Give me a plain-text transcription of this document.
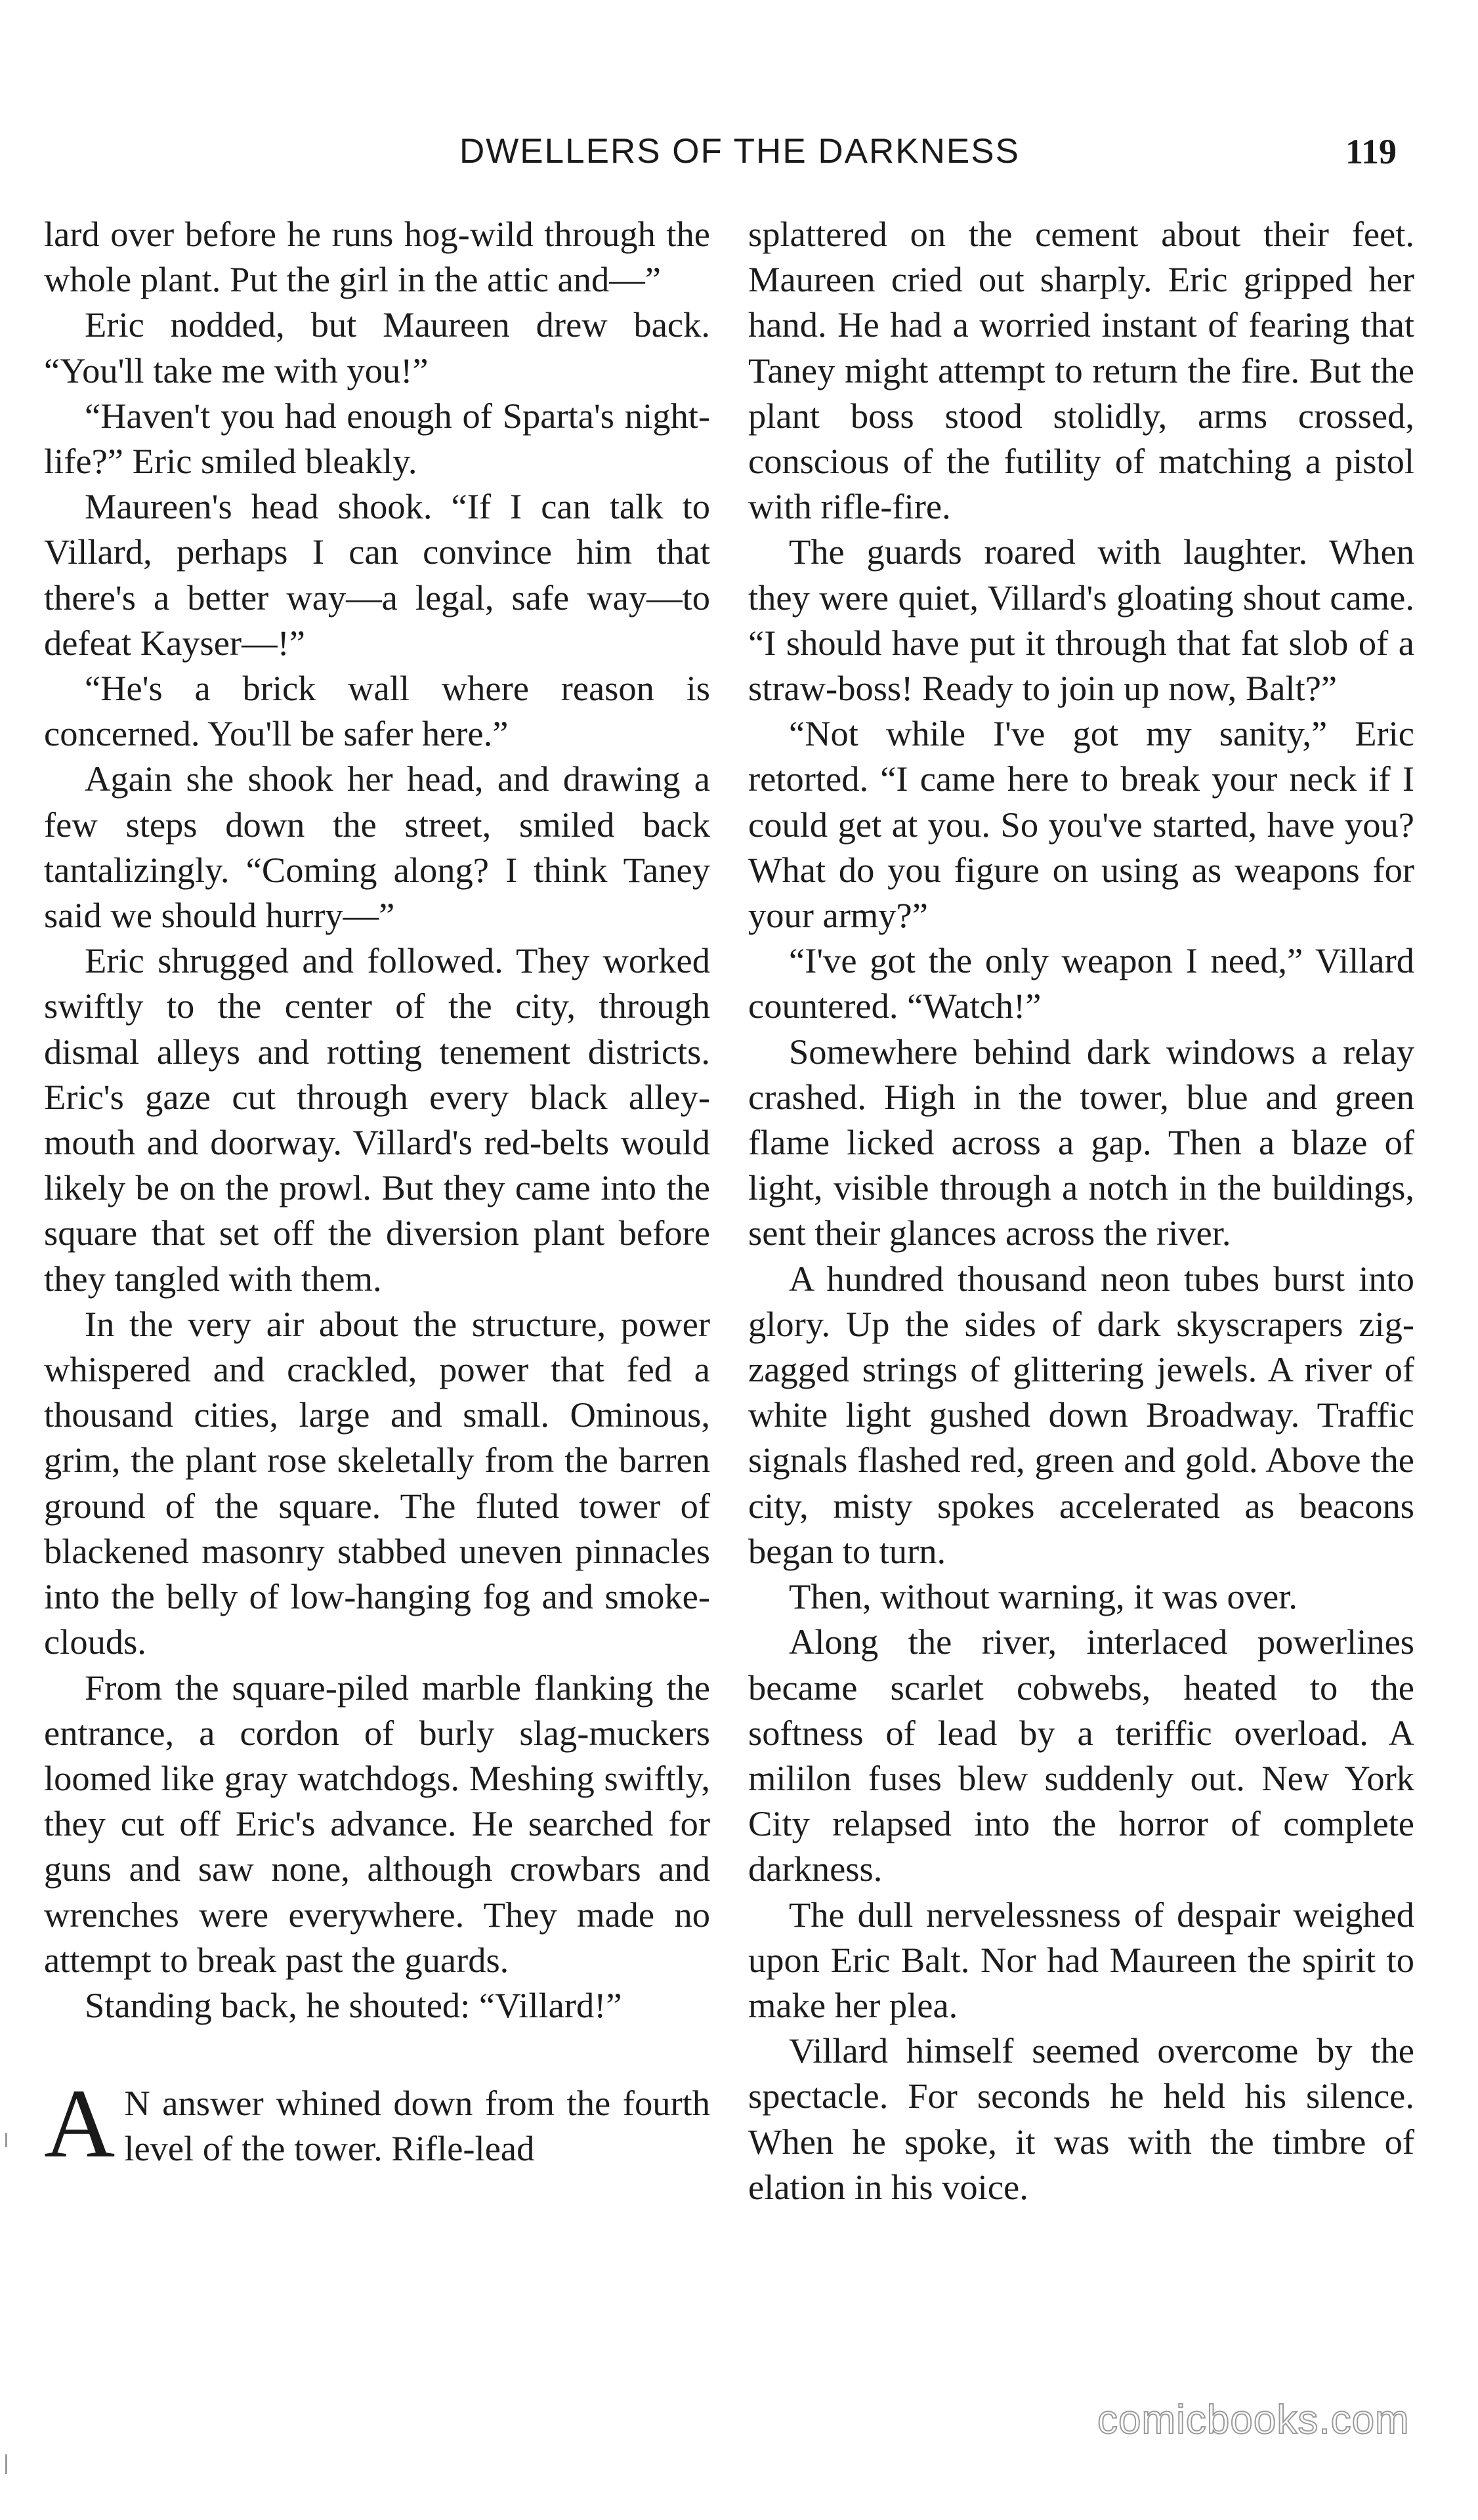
DWELLERS OF THE DARKNESS	119

lard over before he runs hog-wild through the whole plant. Put the girl in the attic and—”

Eric nodded, but Maureen drew back. “You'll take me with you!”

“Haven't you had enough of Sparta's night-life?” Eric smiled bleakly.

Maureen's head shook. “If I can talk to Villard, perhaps I can convince him that there's a better way—a legal, safe way—to defeat Kayser—!”

“He's a brick wall where reason is concerned. You'll be safer here.”

Again she shook her head, and drawing a few steps down the street, smiled back tantalizingly. “Coming along? I think Taney said we should hurry—”

Eric shrugged and followed. They worked swiftly to the center of the city, through dismal alleys and rotting tenement districts. Eric's gaze cut through every black alley-mouth and doorway. Villard's red-belts would likely be on the prowl. But they came into the square that set off the diversion plant before they tangled with them.

In the very air about the structure, power whispered and crackled, power that fed a thousand cities, large and small. Ominous, grim, the plant rose skeletally from the barren ground of the square. The fluted tower of blackened masonry stabbed uneven pinnacles into the belly of low-hanging fog and smoke-clouds.

From the square-piled marble flanking the entrance, a cordon of burly slag-muckers loomed like gray watchdogs. Meshing swiftly, they cut off Eric's advance. He searched for guns and saw none, although crowbars and wrenches were everywhere. They made no attempt to break past the guards.

Standing back, he shouted: “Villard!”

A N answer whined down from the fourth level of the tower. Rifle-lead

splattered on the cement about their feet. Maureen cried out sharply. Eric gripped her hand. He had a worried instant of fearing that Taney might attempt to return the fire. But the plant boss stood stolidly, arms crossed, conscious of the futility of matching a pistol with rifle-fire.

The guards roared with laughter. When they were quiet, Villard's gloating shout came. “I should have put it through that fat slob of a straw-boss! Ready to join up now, Balt?”

“Not while I've got my sanity,” Eric retorted. “I came here to break your neck if I could get at you. So you've started, have you? What do you figure on using as weapons for your army?”

“I've got the only weapon I need,” Villard countered. “Watch!”

Somewhere behind dark windows a relay crashed. High in the tower, blue and green flame licked across a gap. Then a blaze of light, visible through a notch in the buildings, sent their glances across the river.

A hundred thousand neon tubes burst into glory. Up the sides of dark skyscrapers zig-zagged strings of glittering jewels. A river of white light gushed down Broadway. Traffic signals flashed red, green and gold. Above the city, misty spokes accelerated as beacons began to turn.

Then, without warning, it was over.

Along the river, interlaced powerlines became scarlet cobwebs, heated to the softness of lead by a teriffic overload. A mililon fuses blew suddenly out. New York City relapsed into the horror of complete darkness.

The dull nervelessness of despair weighed upon Eric Balt. Nor had Maureen the spirit to make her plea.

Villard himself seemed overcome by the spectacle. For seconds he held his silence. When he spoke, it was with the timbre of elation in his voice.

comicbooks.com
